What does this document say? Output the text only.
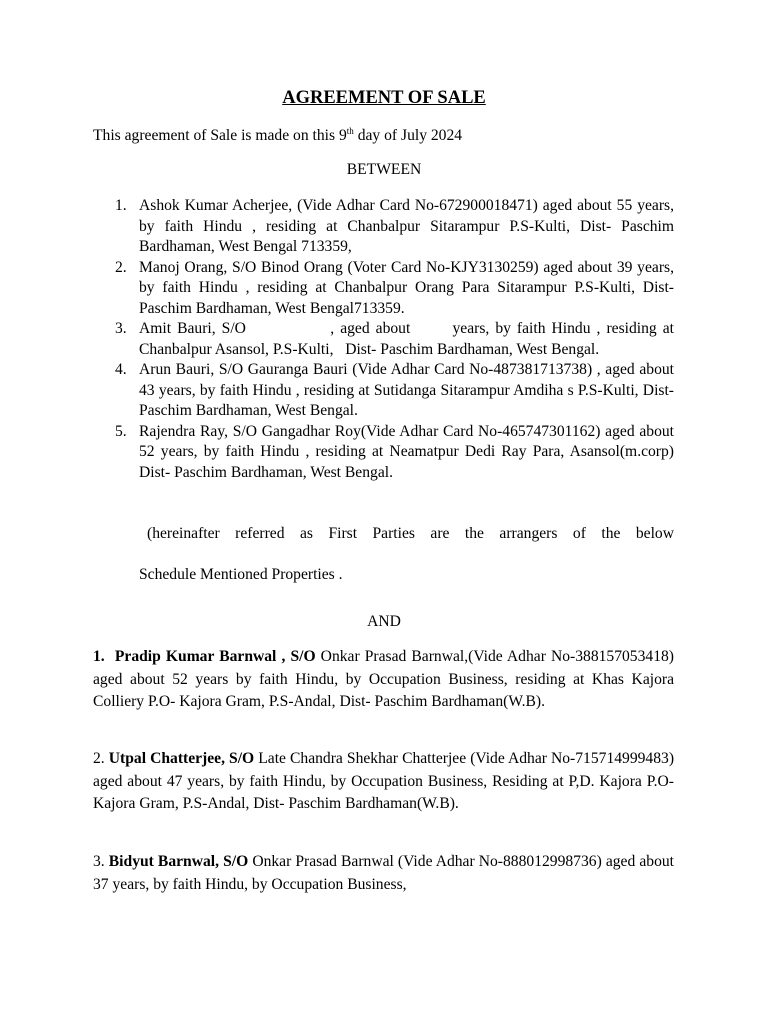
AGREEMENT OF SALE
This agreement of Sale is made on this 9th day of July 2024
BETWEEN
1. Ashok Kumar Acherjee, (Vide Adhar Card No-672900018471) aged about 55 years, by faith Hindu , residing at Chanbalpur Sitarampur P.S-Kulti, Dist- Paschim Bardhaman, West Bengal 713359,
2. Manoj Orang, S/O Binod Orang (Voter Card No-KJY3130259) aged about 39 years, by faith Hindu , residing at Chanbalpur Orang Para Sitarampur P.S-Kulti, Dist- Paschim Bardhaman, West Bengal713359.
3. Amit Bauri, S/O              , aged about       years, by faith Hindu , residing at Chanbalpur Asansol, P.S-Kulti,   Dist- Paschim Bardhaman, West Bengal.
4. Arun Bauri, S/O Gauranga Bauri (Vide Adhar Card No-487381713738) , aged about 43 years, by faith Hindu , residing at Sutidanga Sitarampur Amdiha s P.S-Kulti, Dist- Paschim Bardhaman, West Bengal.
5. Rajendra Ray, S/O Gangadhar Roy(Vide Adhar Card No-465747301162) aged about 52 years, by faith Hindu , residing at Neamatpur Dedi Ray Para, Asansol(m.corp) Dist- Paschim Bardhaman, West Bengal.
(hereinafter referred as First Parties are the arrangers of the below
Schedule Mentioned Properties .
AND
1.  Pradip Kumar Barnwal , S/O Onkar Prasad Barnwal,(Vide Adhar No-388157053418) aged about 52 years by faith Hindu, by Occupation Business, residing at Khas Kajora Colliery P.O- Kajora Gram, P.S-Andal, Dist- Paschim Bardhaman(W.B).
2. Utpal Chatterjee, S/O Late Chandra Shekhar Chatterjee (Vide Adhar No-715714999483) aged about 47 years, by faith Hindu, by Occupation Business, Residing at P,D. Kajora P.O- Kajora Gram, P.S-Andal, Dist- Paschim Bardhaman(W.B).
3. Bidyut Barnwal, S/O Onkar Prasad Barnwal (Vide Adhar No-888012998736) aged about 37 years, by faith Hindu, by Occupation Business,
